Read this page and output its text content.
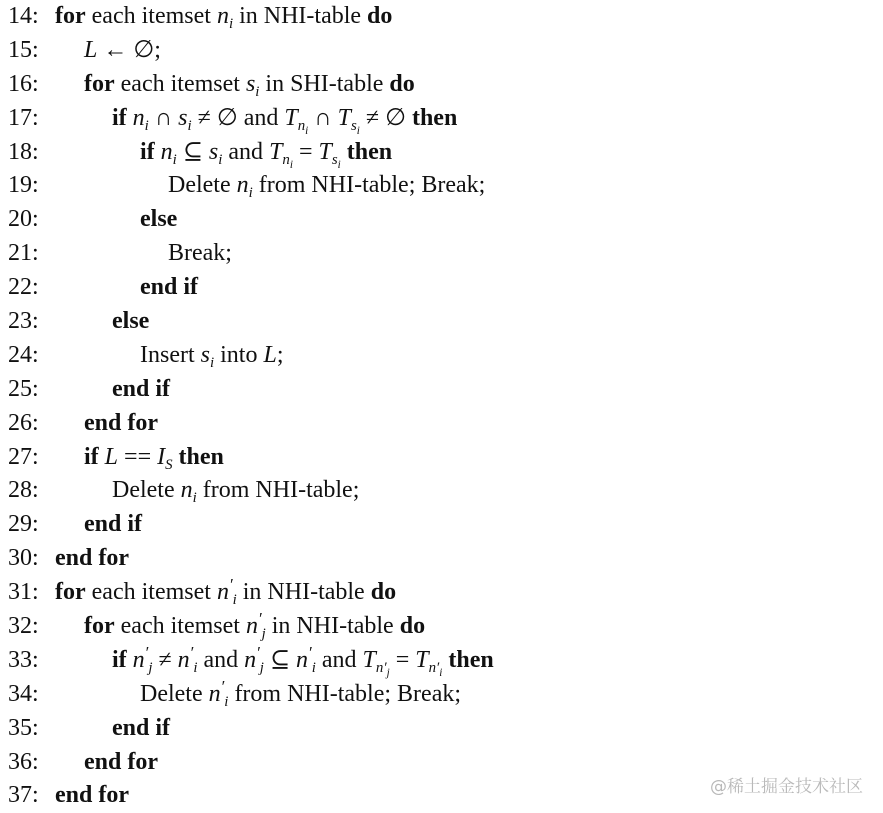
14: for each itemset $n_i$ in NHI-table do
15:	L ← ∅;
16:	for each itemset $s_i$ in SHI-table do
17:	if $n_i$ ∩ $s_i$ ≠ ∅ and $T_{n_i}$ ∩ $T_{s_i}$ ≠ ∅ then
18:	if $n_i$ ⊆ $s_i$ and $T_{n_i} = T_{s_i}$ then
19:	Delete $n_i$ from NHI-table; Break;
20:	else
21:	Break;
22:	end if
23:	else
24:	Insert $s_i$ into L;
25:	end if
26:	end for
27:	if $L == I_S$ then
28:	Delete $n_i$ from NHI-table;
29:	end if
30: end for
31: for each itemset $n'_i$ in NHI-table do
32:	for each itemset $n'_j$ in NHI-table do
33:	if $n'_j \ne n'_i$ and $n'_j$ ⊆ $n'_i$ and $T_{n'_j} = T_{n'_i}$ then
34:	Delete $n'_i$ from NHI-table; Break;
35:	end if
36:	end for
37: end for	@稀土掘金技术社区
